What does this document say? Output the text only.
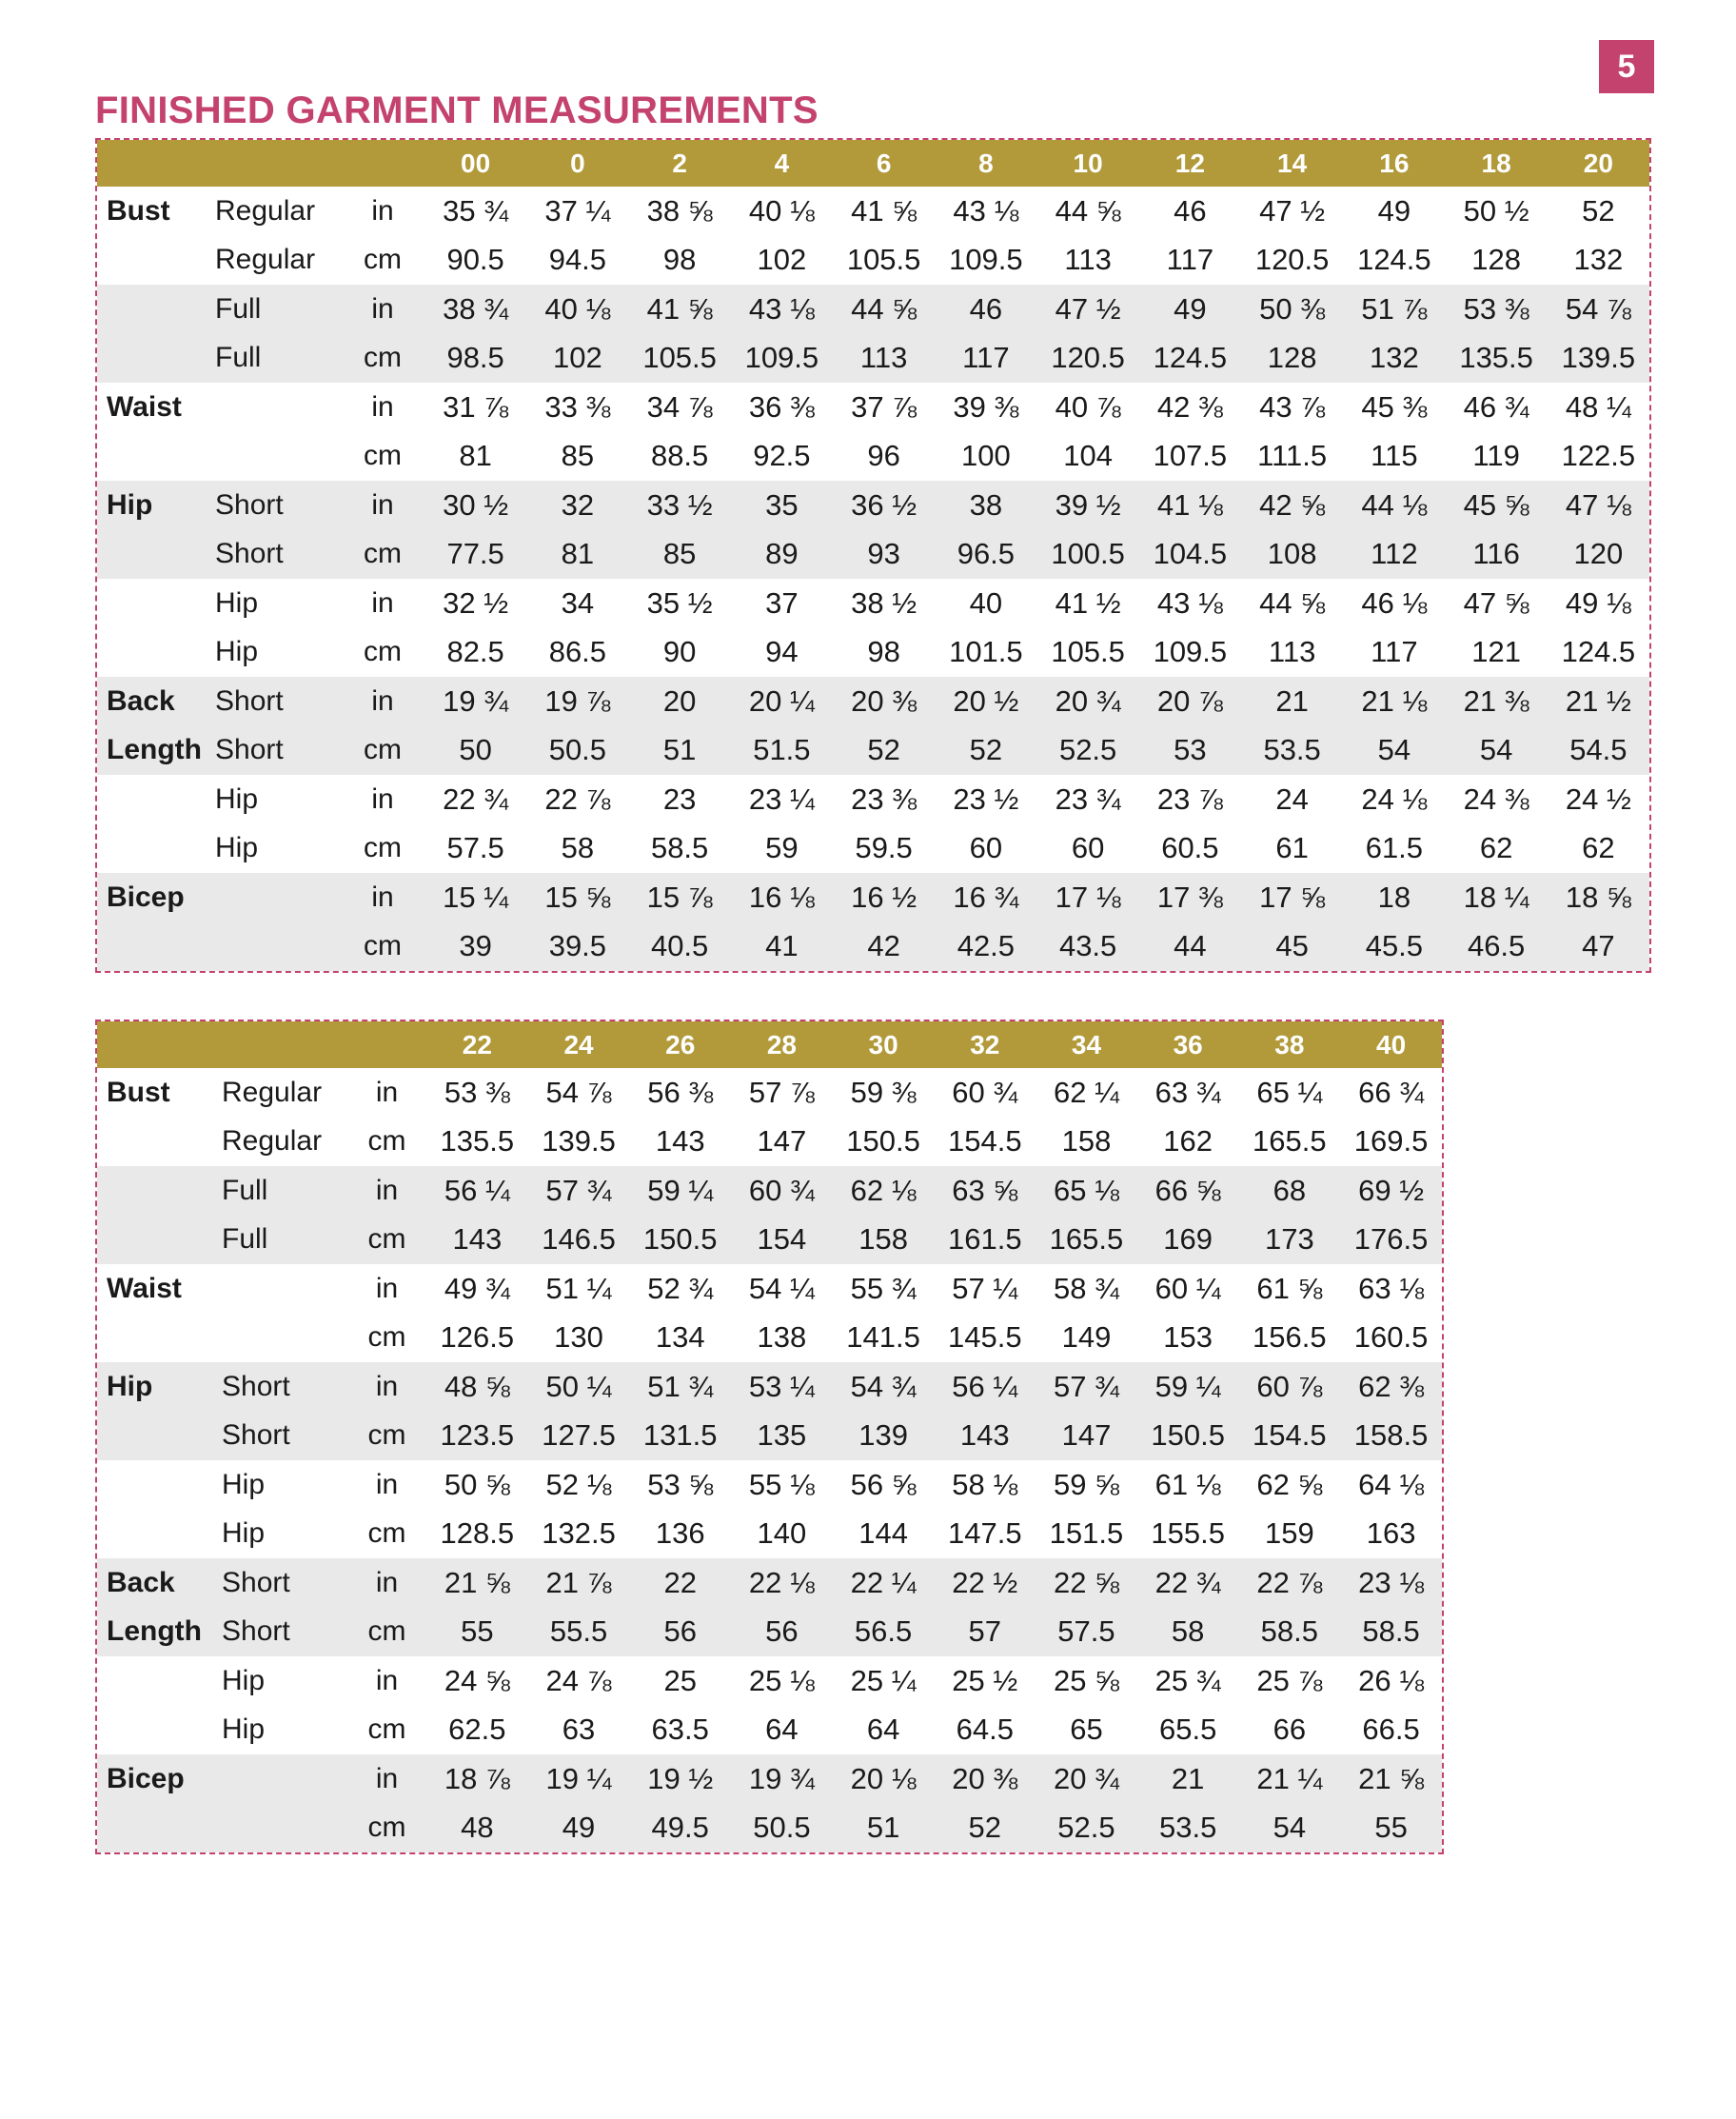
5
FINISHED GARMENT MEASUREMENTS
			00	0	2	4	6	8	10	12	14	16	18	20
Bust	Regular	in	35 ¾	37 ¼	38 ⅝	40 ⅛	41 ⅝	43 ⅛	44 ⅝	46	47 ½	49	50 ½	52
	Regular	cm	90.5	94.5	98	102	105.5	109.5	113	117	120.5	124.5	128	132
	Full	in	38 ¾	40 ⅛	41 ⅝	43 ⅛	44 ⅝	46	47 ½	49	50 ⅜	51 ⅞	53 ⅜	54 ⅞
	Full	cm	98.5	102	105.5	109.5	113	117	120.5	124.5	128	132	135.5	139.5
Waist		in	31 ⅞	33 ⅜	34 ⅞	36 ⅜	37 ⅞	39 ⅜	40 ⅞	42 ⅜	43 ⅞	45 ⅜	46 ¾	48 ¼
		cm	81	85	88.5	92.5	96	100	104	107.5	111.5	115	119	122.5
Hip	Short	in	30 ½	32	33 ½	35	36 ½	38	39 ½	41 ⅛	42 ⅝	44 ⅛	45 ⅝	47 ⅛
	Short	cm	77.5	81	85	89	93	96.5	100.5	104.5	108	112	116	120
	Hip	in	32 ½	34	35 ½	37	38 ½	40	41 ½	43 ⅛	44 ⅝	46 ⅛	47 ⅝	49 ⅛
	Hip	cm	82.5	86.5	90	94	98	101.5	105.5	109.5	113	117	121	124.5
Back	Short	in	19 ¾	19 ⅞	20	20 ¼	20 ⅜	20 ½	20 ¾	20 ⅞	21	21 ⅛	21 ⅜	21 ½
Length	Short	cm	50	50.5	51	51.5	52	52	52.5	53	53.5	54	54	54.5
	Hip	in	22 ¾	22 ⅞	23	23 ¼	23 ⅜	23 ½	23 ¾	23 ⅞	24	24 ⅛	24 ⅜	24 ½
	Hip	cm	57.5	58	58.5	59	59.5	60	60	60.5	61	61.5	62	62
Bicep		in	15 ¼	15 ⅝	15 ⅞	16 ⅛	16 ½	16 ¾	17 ⅛	17 ⅜	17 ⅝	18	18 ¼	18 ⅝
		cm	39	39.5	40.5	41	42	42.5	43.5	44	45	45.5	46.5	47
			22	24	26	28	30	32	34	36	38	40
Bust	Regular	in	53 ⅜	54 ⅞	56 ⅜	57 ⅞	59 ⅜	60 ¾	62 ¼	63 ¾	65 ¼	66 ¾
	Regular	cm	135.5	139.5	143	147	150.5	154.5	158	162	165.5	169.5
	Full	in	56 ¼	57 ¾	59 ¼	60 ¾	62 ⅛	63 ⅝	65 ⅛	66 ⅝	68	69 ½
	Full	cm	143	146.5	150.5	154	158	161.5	165.5	169	173	176.5
Waist		in	49 ¾	51 ¼	52 ¾	54 ¼	55 ¾	57 ¼	58 ¾	60 ¼	61 ⅝	63 ⅛
		cm	126.5	130	134	138	141.5	145.5	149	153	156.5	160.5
Hip	Short	in	48 ⅝	50 ¼	51 ¾	53 ¼	54 ¾	56 ¼	57 ¾	59 ¼	60 ⅞	62 ⅜
	Short	cm	123.5	127.5	131.5	135	139	143	147	150.5	154.5	158.5
	Hip	in	50 ⅝	52 ⅛	53 ⅝	55 ⅛	56 ⅝	58 ⅛	59 ⅝	61 ⅛	62 ⅝	64 ⅛
	Hip	cm	128.5	132.5	136	140	144	147.5	151.5	155.5	159	163
Back	Short	in	21 ⅝	21 ⅞	22	22 ⅛	22 ¼	22 ½	22 ⅝	22 ¾	22 ⅞	23 ⅛
Length	Short	cm	55	55.5	56	56	56.5	57	57.5	58	58.5	58.5
	Hip	in	24 ⅝	24 ⅞	25	25 ⅛	25 ¼	25 ½	25 ⅝	25 ¾	25 ⅞	26 ⅛
	Hip	cm	62.5	63	63.5	64	64	64.5	65	65.5	66	66.5
Bicep		in	18 ⅞	19 ¼	19 ½	19 ¾	20 ⅛	20 ⅜	20 ¾	21	21 ¼	21 ⅝
		cm	48	49	49.5	50.5	51	52	52.5	53.5	54	55
